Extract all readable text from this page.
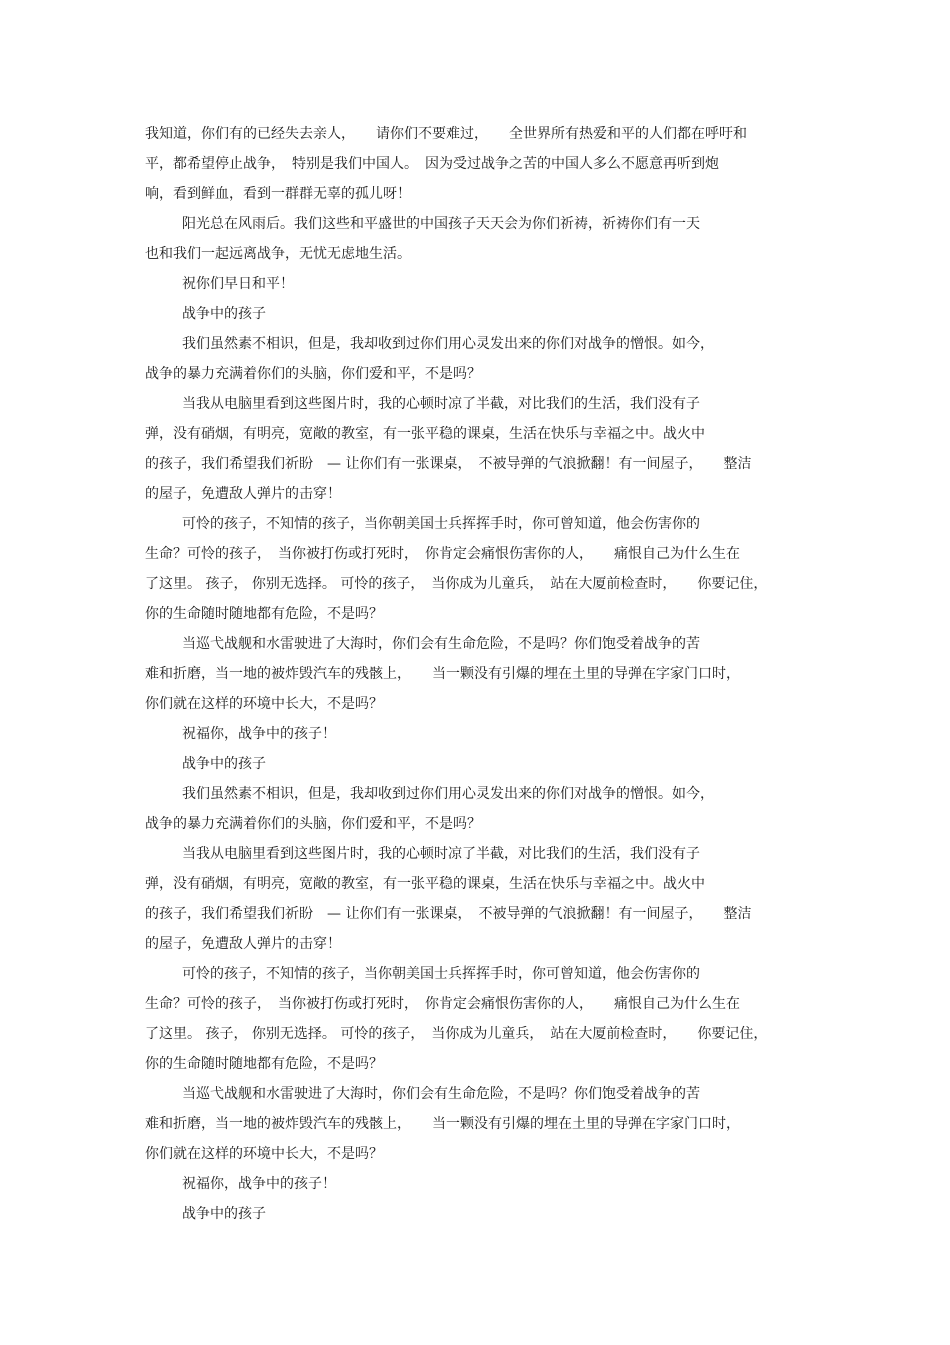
我知道，你们有的已经失去亲人，　　请你们不要难过，　　全世界所有热爱和平的人们都在呼吁和
平，都希望停止战争，　特别是我们中国人。　因为受过战争之苦的中国人多么不愿意再听到炮
响，看到鲜血，看到一群群无辜的孤儿呀！
阳光总在风雨后。我们这些和平盛世的中国孩子天天会为你们祈祷，祈祷你们有一天
也和我们一起远离战争，无忧无虑地生活。
祝你们早日和平！
战争中的孩子
我们虽然素不相识，但是，我却收到过你们用心灵发出来的你们对战争的憎恨。如今，
战争的暴力充满着你们的头脑，你们爱和平，不是吗？
当我从电脑里看到这些图片时，我的心顿时凉了半截，对比我们的生活，我们没有子
弹，没有硝烟，有明亮，宽敞的教室，有一张平稳的课桌，生活在快乐与幸福之中。战火中
的孩子，我们希望我们祈盼　— 让你们有一张课桌，　不被导弹的气浪掀翻！有一间屋子，　　整洁
的屋子，免遭敌人弹片的击穿！
可怜的孩子，不知情的孩子，当你朝美国士兵挥挥手时，你可曾知道，他会伤害你的
生命？可怜的孩子，　当你被打伤或打死时，　你肯定会痛恨伤害你的人，　　痛恨自己为什么生在
了这里。 孩子， 你别无选择。 可怜的孩子，　当你成为儿童兵，　站在大厦前检查时，　　你要记住，
你的生命随时随地都有危险，不是吗？
当巡弋战舰和水雷驶进了大海时，你们会有生命危险，不是吗？你们饱受着战争的苦
难和折磨，当一地的被炸毁汽车的残骸上，　　当一颗没有引爆的埋在土里的导弹在字家门口时，
你们就在这样的环境中长大，不是吗？
祝福你，战争中的孩子！
战争中的孩子
我们虽然素不相识，但是，我却收到过你们用心灵发出来的你们对战争的憎恨。如今，
战争的暴力充满着你们的头脑，你们爱和平，不是吗？
当我从电脑里看到这些图片时，我的心顿时凉了半截，对比我们的生活，我们没有子
弹，没有硝烟，有明亮，宽敞的教室，有一张平稳的课桌，生活在快乐与幸福之中。战火中
的孩子，我们希望我们祈盼　— 让你们有一张课桌，　不被导弹的气浪掀翻！有一间屋子，　　整洁
的屋子，免遭敌人弹片的击穿！
可怜的孩子，不知情的孩子，当你朝美国士兵挥挥手时，你可曾知道，他会伤害你的
生命？可怜的孩子，　当你被打伤或打死时，　你肯定会痛恨伤害你的人，　　痛恨自己为什么生在
了这里。 孩子， 你别无选择。 可怜的孩子，　当你成为儿童兵，　站在大厦前检查时，　　你要记住，
你的生命随时随地都有危险，不是吗？
当巡弋战舰和水雷驶进了大海时，你们会有生命危险，不是吗？你们饱受着战争的苦
难和折磨，当一地的被炸毁汽车的残骸上，　　当一颗没有引爆的埋在土里的导弹在字家门口时，
你们就在这样的环境中长大，不是吗？
祝福你，战争中的孩子！
战争中的孩子
